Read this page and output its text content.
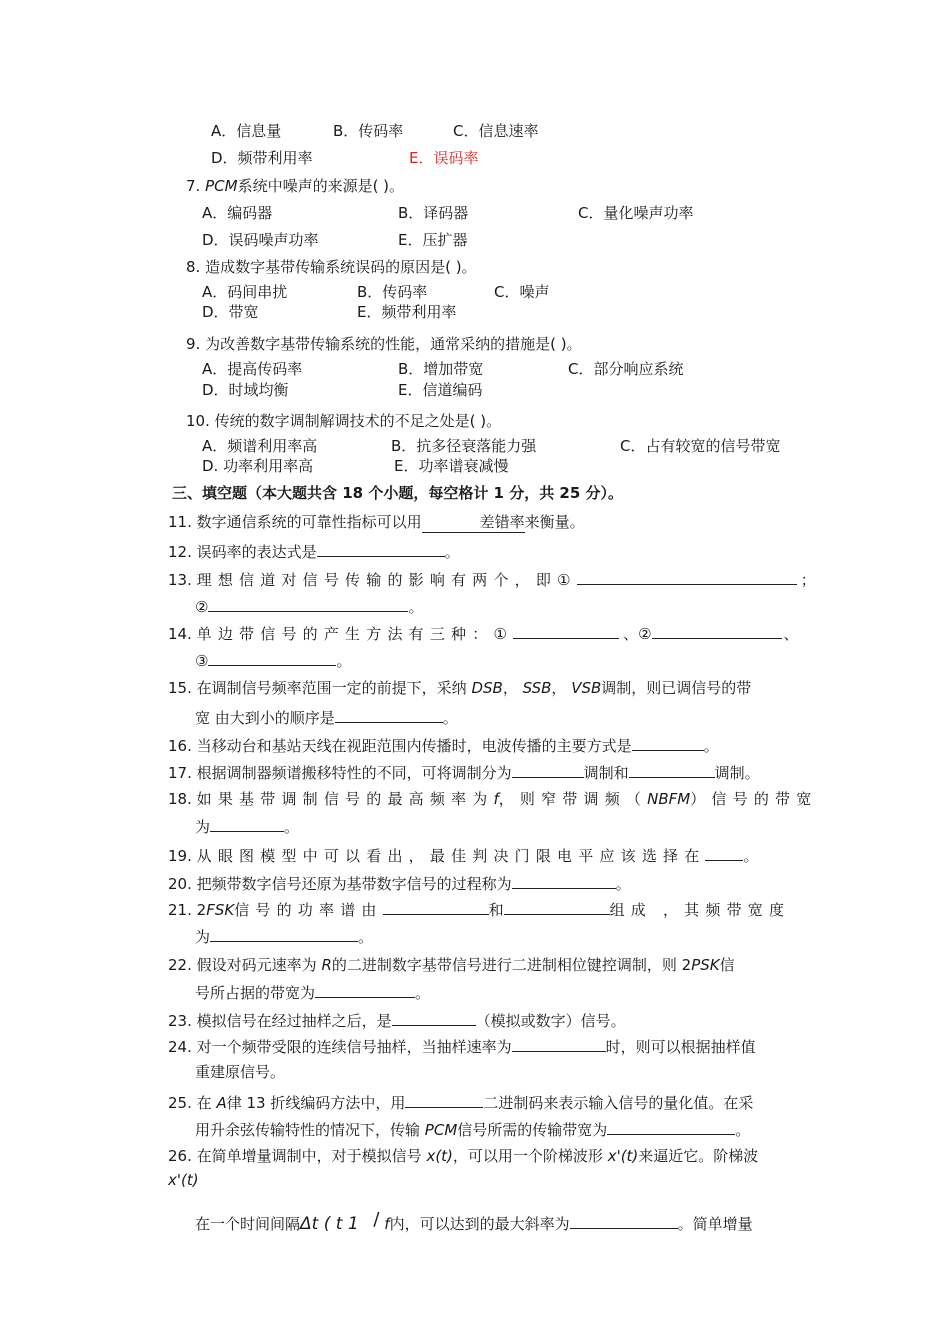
A．信息量	B．传码率	C．信息速率
D．频带利用率	E．误码率
7. PCM系统中噪声的来源是( )。
A．编码器	B．译码器	C．量化噪声功率
D．误码噪声功率	E．压扩器
8. 造成数字基带传输系统误码的原因是( )。
A．码间串扰	B．传码率	C．噪声
D．带宽	E．频带利用率
9. 为改善数字基带传输系统的性能，通常采纳的措施是( )。
A．提高传码率	B．增加带宽	C．部分响应系统
D．时域均衡	E．信道编码
10. 传统的数字调制解调技术的不足之处是( )。
A．频谱利用率高	B．抗多径衰落能力强	C．占有较宽的信号带宽
D. 功率利用率高	E．功率谱衰减慢
三、填空题（本大题共含 18 个小题，每空格计 1 分，共 25 分）。
11. 数字通信系统的可靠性指标可以用	差错率来衡量。
12. 误码率的表达式是	。
13. 理想信道对信号传输的影响有两个，即①	；
②	。
14. 单边带信号的产生方法有三种：①	、②	、
③	。
15. 在调制信号频率范围一定的前提下，采纳 DSB， SSB， VSB调制，则已调信号的带
宽 由大到小的顺序是	。
16. 当移动台和基站天线在视距范围内传播时，电波传播的主要方式是	。
17. 根据调制器频谱搬移特性的不同，可将调制分为	调制和	调制。
18. 如果基带调制信号的最高频率为f，则窄带调频（NBFM）信号的带宽
为	。
19. 从眼图模型中可以看出，最佳判决门限电平应该选择在	。
20. 把频带数字信号还原为基带数字信号的过程称为	。
21. 2FSK信号的功率谱由	和	组成 ，其频带宽度
为	。
22. 假设对码元速率为 R的二进制数字基带信号进行二进制相位键控调制，则 2PSK信
号所占据的带宽为	。
23. 模拟信号在经过抽样之后，是	（模拟或数字）信号。
24. 对一个频带受限的连续信号抽样，当抽样速率为	时，则可以根据抽样值
重建原信号。
25. 在 A律 13 折线编码方法中，用	二进制码来表示输入信号的量化值。在采
用升余弦传输特性的情况下，传输 PCM信号所需的传输带宽为	。
26. 在简单增量调制中，对于模拟信号 x(t)，可以用一个阶梯波形 x'(t)来逼近它。阶梯波
x'(t)
在一个时间间隔Δt ( t 1 / f内，可以达到的最大斜率为	。简单增量
